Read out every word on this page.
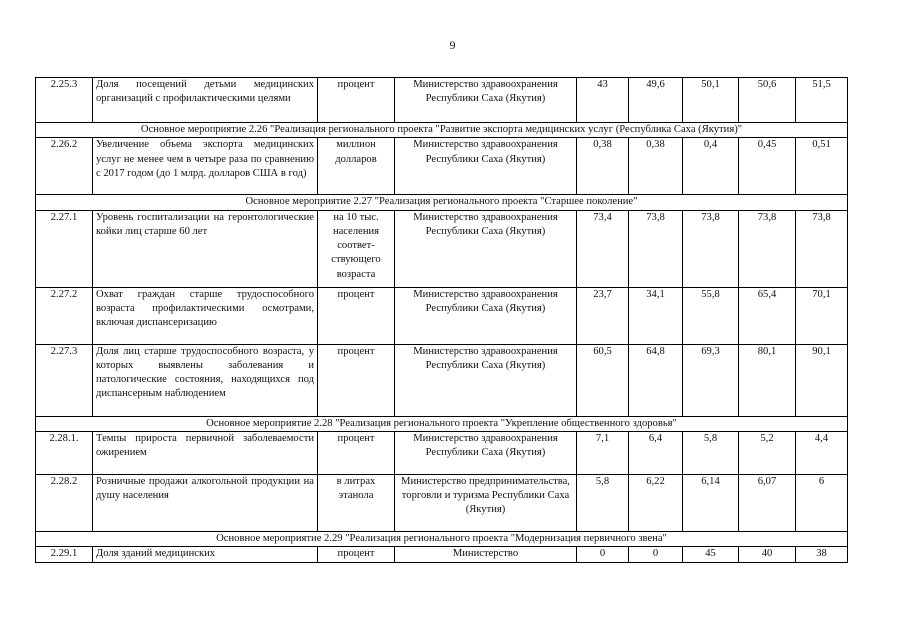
9
2.25.3	Доля посещений детьми медицинских организаций с профилактическими целями	процент	Министерство здравоохранения Республики Саха (Якутия)	43	49,6	50,1	50,6	51,5
Основное мероприятие 2.26 "Реализация регионального проекта "Развитие экспорта медицинских услуг (Республика Саха (Якутия)"								
2.26.2	Увеличение объема экспорта медицинских услуг не менее чем в четыре раза по сравнению с 2017 годом (до 1 млрд. долларов США в год)	миллион долларов	Министерство здравоохранения Республики Саха (Якутия)	0,38	0,38	0,4	0,45	0,51
Основное мероприятие 2.27 "Реализация регионального проекта "Старшее поколение"								
2.27.1	Уровень госпитализации на геронтологические койки лиц старше 60 лет	на 10 тыс. населения соответ-ствующего возраста	Министерство здравоохранения Республики Саха (Якутия)	73,4	73,8	73,8	73,8	73,8
2.27.2	Охват граждан старше трудоспособного возраста профилактическими осмотрами, включая диспансеризацию	процент	Министерство здравоохранения Республики Саха (Якутия)	23,7	34,1	55,8	65,4	70,1
2.27.3	Доля лиц старше трудоспособного возраста, у которых выявлены заболевания и патологические состояния, находящихся под диспансерным наблюдением	процент	Министерство здравоохранения Республики Саха (Якутия)	60,5	64,8	69,3	80,1	90,1
Основное мероприятие 2.28 "Реализация регионального проекта "Укрепление общественного здоровья"								
2.28.1.	Темпы прироста первичной заболеваемости ожирением	процент	Министерство здравоохранения Республики Саха (Якутия)	7,1	6,4	5,8	5,2	4,4
2.28.2	Розничные продажи алкогольной продукции на душу населения	в литрах этанола	Министерство предпринимательства, торговли и туризма Республики Саха (Якутия)	5,8	6,22	6,14	6,07	6
Основное мероприятие 2.29 "Реализация регионального проекта "Модернизация первичного звена"								
2.29.1	Доля зданий медицинских	процент	Министерство	0	0	45	40	38
